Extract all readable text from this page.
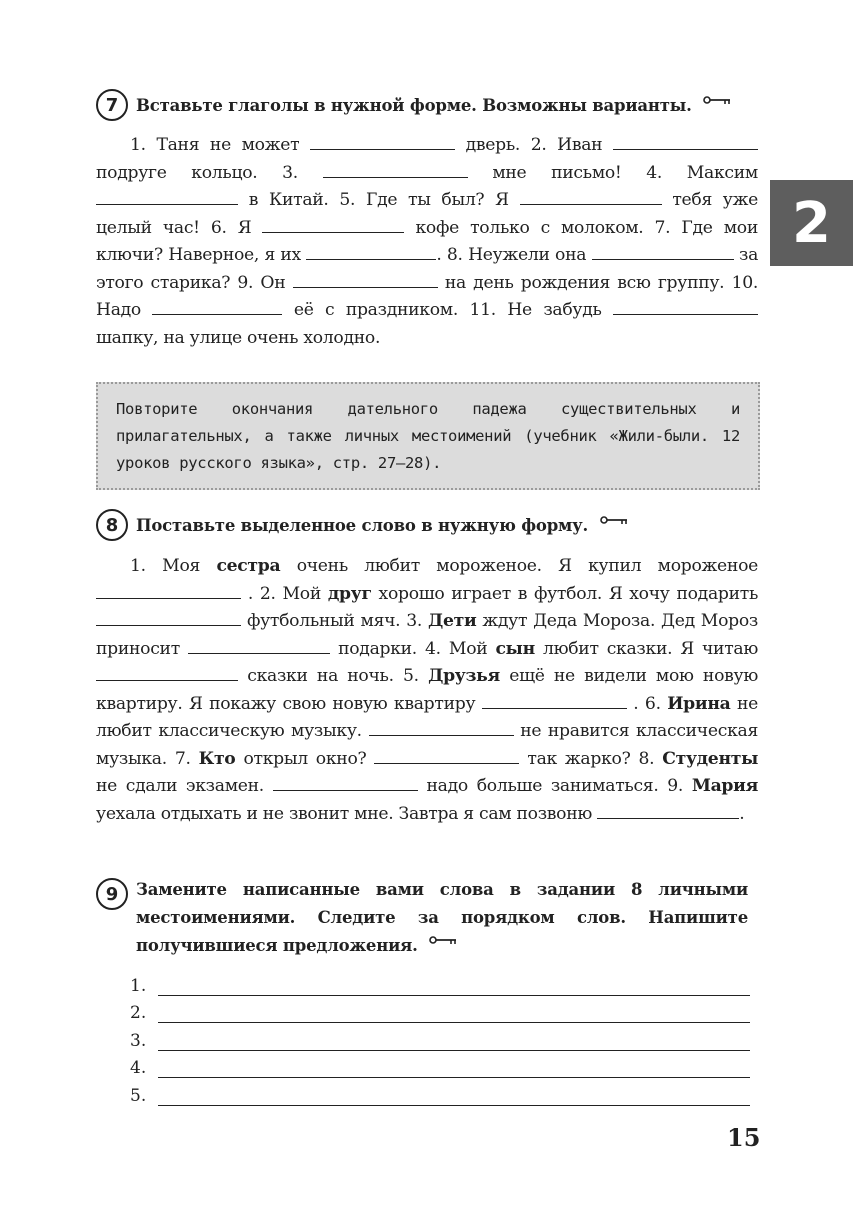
2
7	Вставьте глаголы в нужной форме. Возможны варианты.
1. Таня не может	дверь. 2. Иван  подруге кольцо. 3.	мне письмо! 4. Максим  в Китай. 5. Где ты был? Я	тебя уже целый час! 6. Я	кофе только с молоком. 7. Где мои ключи? Наверное, я их	. 8. Неужели она	за этого старика? 9. Он	на день рождения всю группу. 10. Надо	её с праздником. 11. Не забудь  шапку, на улице очень холодно.
Повторите окончания дательного падежа существительных и прилагательных, а также личных местоимений (учебник «Жили-были. 12 уроков русского языка», стр. 27–28).
8	Поставьте выделенное слово в нужную форму.
1. Моя сестра очень любит мороженое. Я купил мороженое  . 2. Мой друг хорошо играет в футбол. Я хочу подарить  футбольный мяч. 3. Дети ждут Деда Мороза. Дед Мороз приносит	подарки. 4. Мой сын любит сказки. Я читаю  сказки на ночь. 5. Друзья ещё не видели мою новую квартиру. Я покажу свою новую квартиру	. 6. Ирина не любит классическую музыку.	не нравится классическая музыка. 7. Кто открыл окно?	так жарко? 8. Студенты не сдали экзамен.	надо больше заниматься. 9. Мария уехала отдыхать и не звонит мне. Завтра я сам позвоню	.
9	Замените написанные вами слова в задании 8 личными местоимениями. Следите за порядком слов. Напишите получившиеся предложения.
1.
2.
3.
4.
5.
15
